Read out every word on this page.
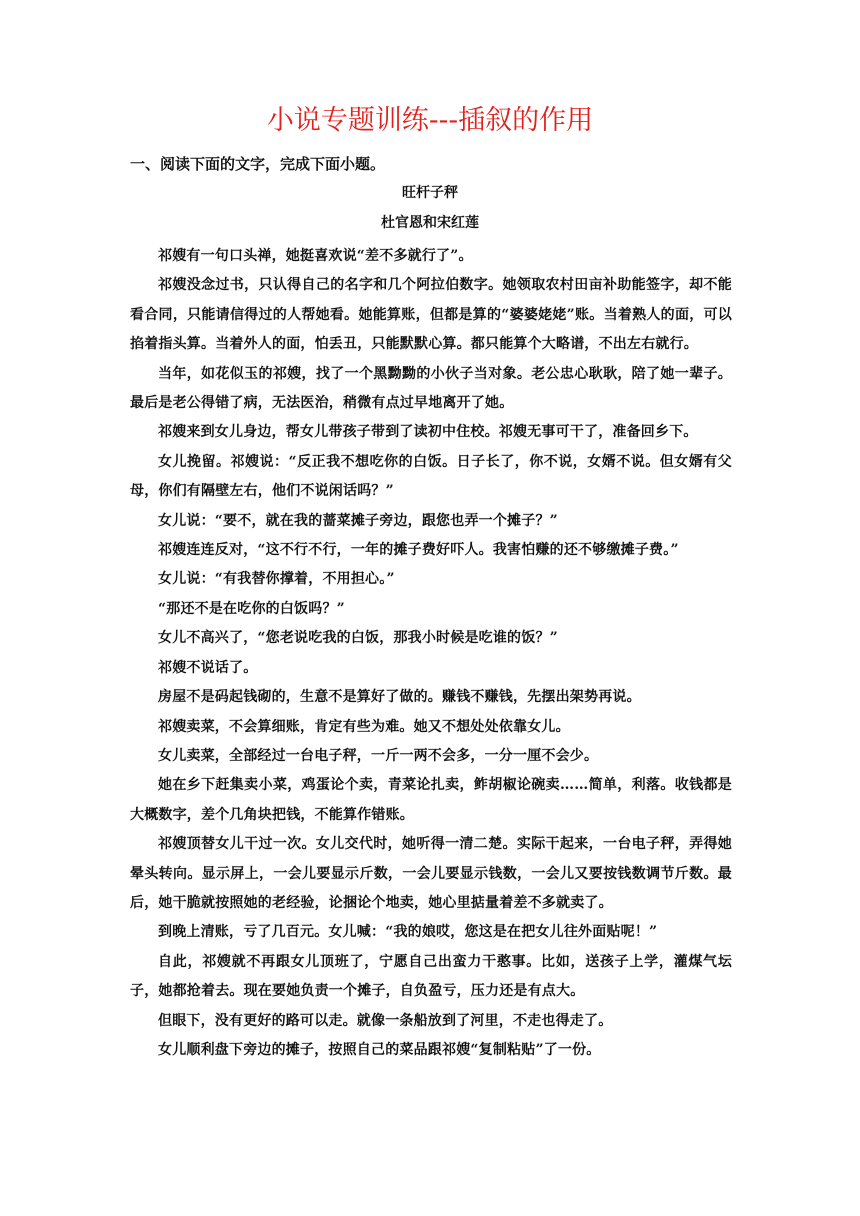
小说专题训练---插叙的作用
一、阅读下面的文字，完成下面小题。
旺杆子秤
杜官恩和宋红莲

祁嫂有一句口头禅，她挺喜欢说“差不多就行了”。

祁嫂没念过书，只认得自己的名字和几个阿拉伯数字。她领取农村田亩补助能签字，却不能看合同，只能请信得过的人帮她看。她能算账，但都是算的“婆婆姥姥”账。当着熟人的面，可以掐着指头算。当着外人的面，怕丢丑，只能默默心算。都只能算个大略谱，不出左右就行。

当年，如花似玉的祁嫂，找了一个黑黝黝的小伙子当对象。老公忠心耿耿，陪了她一辈子。最后是老公得错了病，无法医治，稍微有点过早地离开了她。

祁嫂来到女儿身边，帮女儿带孩子带到了读初中住校。祁嫂无事可干了，准备回乡下。

女儿挽留。祁嫂说：“反正我不想吃你的白饭。日子长了，你不说，女婿不说。但女婿有父母，你们有隔壁左右，他们不说闲话吗？”

女儿说：“要不，就在我的蔷菜摊子旁边，跟您也弄一个摊子？”

祁嫂连连反对，“这不行不行，一年的摊子费好吓人。我害怕赚的还不够缴摊子费。”

女儿说：“有我替你撑着，不用担心。”

“那还不是在吃你的白饭吗？”

女儿不高兴了，“您老说吃我的白饭，那我小时候是吃谁的饭？”

祁嫂不说话了。

房屋不是码起钱砌的，生意不是算好了做的。赚钱不赚钱，先摆出架势再说。

祁嫂卖菜，不会算细账，肯定有些为难。她又不想处处依靠女儿。

女儿卖菜，全部经过一台电子秤，一斤一两不会多，一分一厘不会少。

她在乡下赶集卖小菜，鸡蛋论个卖，青菜论扎卖，鲊胡椒论碗卖……简单，利落。收钱都是大概数字，差个几角块把钱，不能算作错账。

祁嫂顶替女儿干过一次。女儿交代时，她听得一清二楚。实际干起来，一台电子秤，弄得她晕头转向。显示屏上，一会儿要显示斤数，一会儿要显示钱数，一会儿又要按钱数调节斤数。最后，她干脆就按照她的老经验，论捆论个地卖，她心里掂量着差不多就卖了。

到晚上清账，亏了几百元。女儿喊：“我的娘哎，您这是在把女儿往外面贴呢！”

自此，祁嫂就不再跟女儿顶班了，宁愿自己出蛮力干憨事。比如，送孩子上学，灌煤气坛子，她都抢着去。现在要她负责一个摊子，自负盈亏，压力还是有点大。

但眼下，没有更好的路可以走。就像一条船放到了河里，不走也得走了。

女儿顺利盘下旁边的摊子，按照自己的菜品跟祁嫂“复制粘贴”了一份。
